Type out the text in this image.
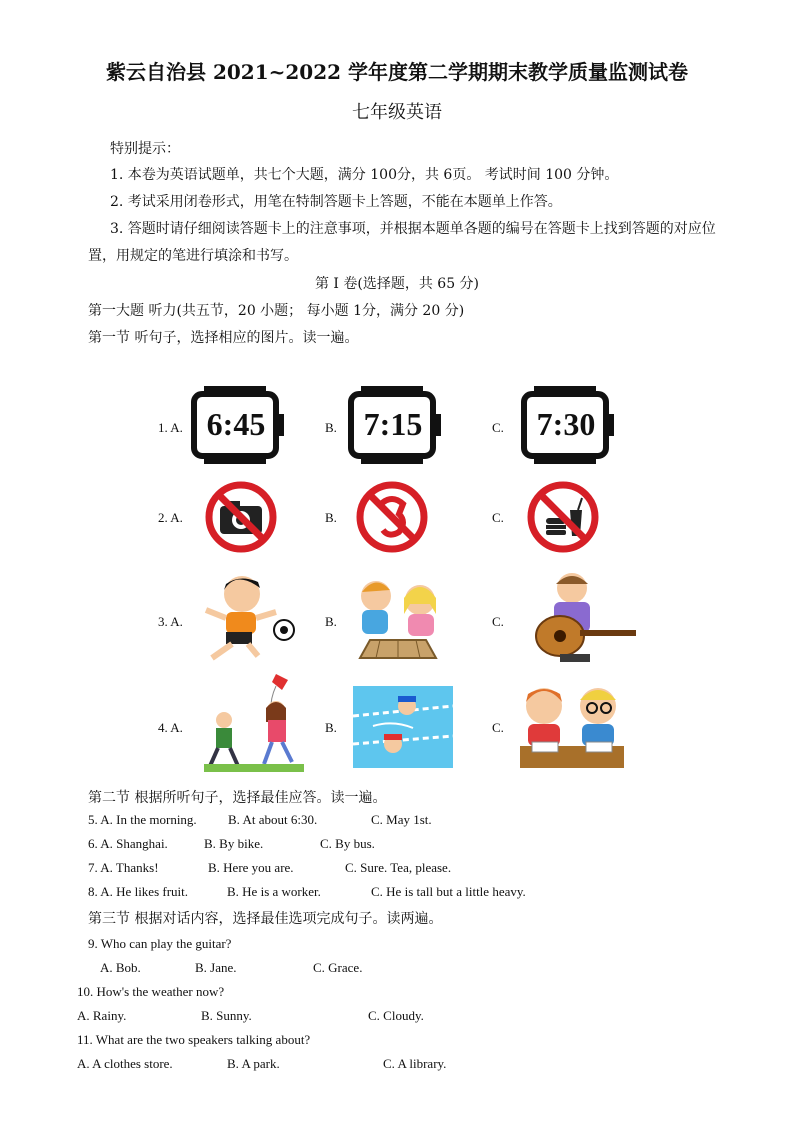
紫云自治县 2021~2022 学年度第二学期期末教学质量监测试卷
七年级英语
特别提示：
1. 本卷为英语试题单，共七个大题，满分 100分，共 6页。 考试时间 100 分钟。
2. 考试采用闭卷形式，用笔在特制答题卡上答题，不能在本题单上作答。
3. 答题时请仔细阅读答题卡上的注意事项，并根据本题单各题的编号在答题卡上找到答题的对应位
置，用规定的笔进行填涂和书写。
第 I 卷(选择题，共 65 分)
第一大题 听力(共五节，20 小题； 每小题 1分，满分 20 分)
第一节 听句子，选择相应的图片。读一遍。
1. A.	B.	C.
6:45	7:15	7:30
2. A.	B.	C.
3. A.	B.	C.
4. A.	B.	C.
第二节 根据所听句子，选择最佳应答。读一遍。
5. A. In the morning. B. At about 6:30.	C. May 1st.
6. A. Shanghai.	B. By bike.	C. By bus.
7. A. Thanks!	B. Here you are.	C. Sure. Tea, please.
8. A. He likes fruit.	B. He is a worker.	C. He is tall but a little heavy.
第三节 根据对话内容，选择最佳选项完成句子。读两遍。
9. Who can play the guitar?
A. Bob.	B. Jane.	C. Grace.
10. How's the weather now?
A. Rainy.	B. Sunny.	C. Cloudy.
11. What are the two speakers talking about?
A. A clothes store.	B. A park.	C. A library.
